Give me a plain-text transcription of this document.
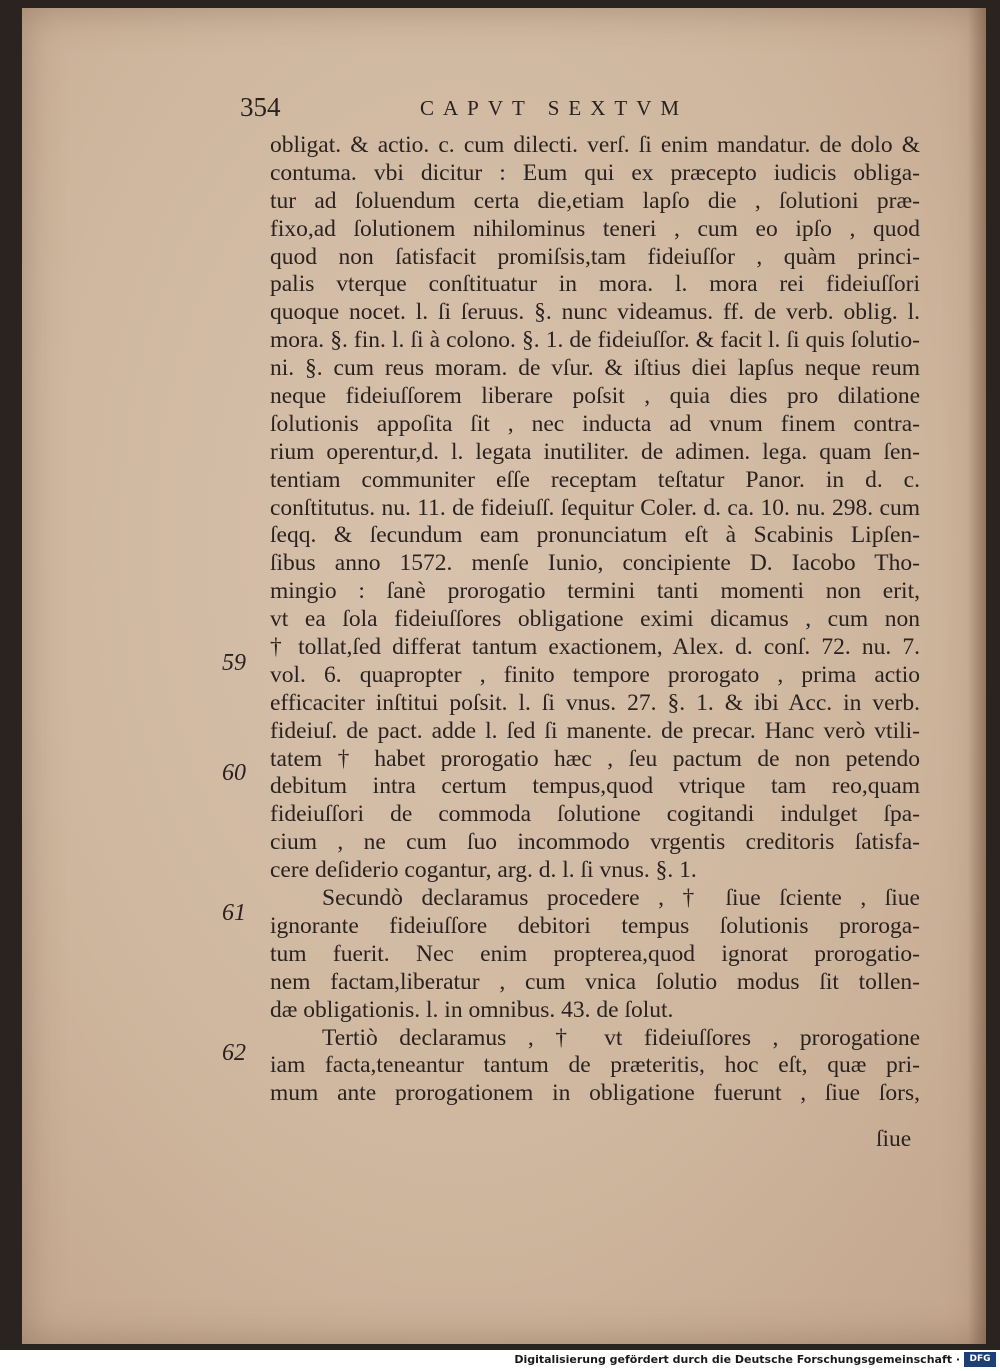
354	CAPVT SEXTVM
obligat. & actio. c. cum dilecti. verſ. ſi enim mandatur. de dolo &
contuma. vbi dicitur : Eum qui ex præcepto iudicis obliga-
tur ad ſoluendum certa die,etiam lapſo die , ſolutioni præ-
fixo,ad ſolutionem nihilominus teneri , cum eo ipſo , quod
quod non ſatisfacit promiſsis,tam fideiuſſor , quàm princi-
palis vterque conſtituatur in mora. l. mora rei fideiuſſori
quoque nocet. l. ſi ſeruus. §. nunc videamus. ff. de verb. oblig. l.
mora. §. fin. l. ſi à colono. §. 1. de fideiuſſor. & facit l. ſi quis ſolutio-
ni. §. cum reus moram. de vſur. & iſtius diei lapſus neque reum
neque fideiuſſorem liberare poſsit , quia dies pro dilatione
ſolutionis appoſita ſit , nec inducta ad vnum finem contra-
rium operentur,d. l. legata inutiliter. de adimen. lega. quam ſen-
tentiam communiter eſſe receptam teſtatur Panor. in d. c.
conſtitutus. nu. 11. de fideiuſſ. ſequitur Coler. d. ca. 10. nu. 298. cum
ſeqq. & ſecundum eam pronunciatum eſt à Scabinis Lipſen-
ſibus anno 1572. menſe Iunio, concipiente D. Iacobo Tho-
mingio : ſanè prorogatio termini tanti momenti non erit,
vt ea ſola fideiuſſores obligatione eximi dicamus , cum non
† tollat,ſed differat tantum exactionem, Alex. d. conſ. 72. nu. 7.
vol. 6. quapropter , finito tempore prorogato , prima actio
efficaciter inſtitui poſsit. l. ſi vnus. 27. §. 1. & ibi Acc. in verb.
fideiuſ. de pact. adde l. ſed ſi manente. de precar. Hanc verò vtili-
tatem † habet prorogatio hæc , ſeu pactum de non petendo
debitum intra certum tempus,quod vtrique tam reo,quam
fideiuſſori de commoda ſolutione cogitandi indulget ſpa-
cium , ne cum ſuo incommodo vrgentis creditoris ſatisfa-
cere deſiderio cogantur, arg. d. l. ſi vnus. §. 1.
Secundò declaramus procedere , † ſiue ſciente , ſiue
ignorante fideiuſſore debitori tempus ſolutionis proroga-
tum fuerit. Nec enim propterea,quod ignorat prorogatio-
nem factam,liberatur , cum vnica ſolutio modus ſit tollen-
dæ obligationis. l. in omnibus. 43. de ſolut.
Tertiò declaramus , † vt fideiuſſores , prorogatione
iam facta,teneantur tantum de præteritis, hoc eſt, quæ pri-
mum ante prorogationem in obligatione fuerunt , ſiue ſors,
59
60
61
62
ſiue
Digitalisierung gefördert durch die Deutsche Forschungsgemeinschaft ·	DFG
